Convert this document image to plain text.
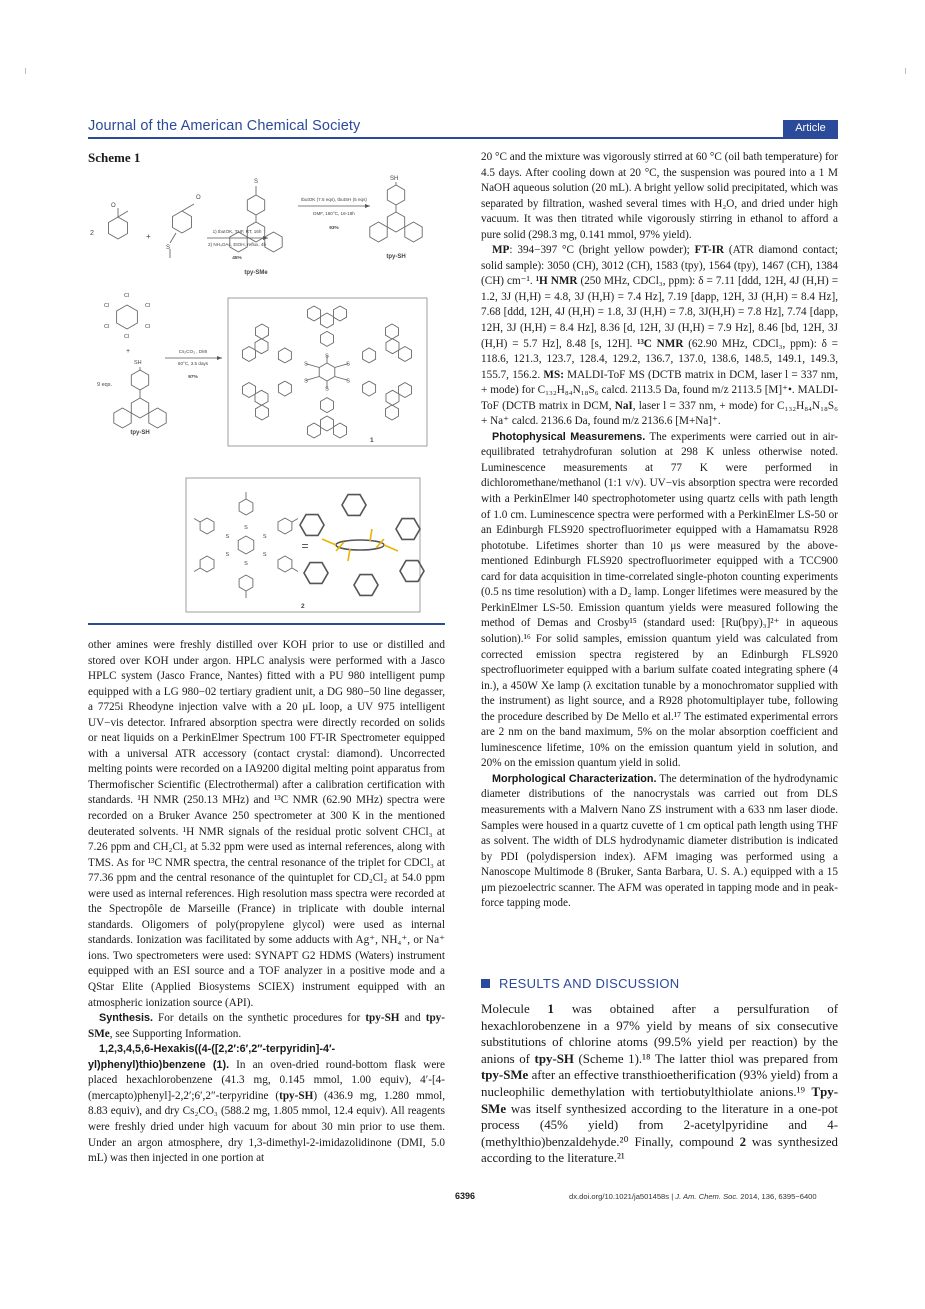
Journal of the American Chemical Society	Article
Scheme 1
2
O
O
+
S
1) tbutOK, THF, RT, 16h
2) NH₄OAc, EtOH, reflux, 4h
45%
S
tpy-SMe
tbutOK (7.5 eqs), tbutSH (5 eqs)
DMF, 160°C, 16-18h
93%
SH
tpy-SH
Cl
Cl	Cl
Cl	Cl
Cl
+
SH
9 eqs.
tpy-SH
Cs₂CO₃ , DMI
60°C, 3.5 days
97%
1
2
=
S
S
S
S
S
S
S
S
S
S
S
S

other amines were freshly distilled over KOH prior to use or distilled and stored over KOH under argon. HPLC analysis were performed with a Jasco HPLC system (Jasco France, Nantes) fitted with a PU 980 intelligent pump equipped with a LG 980−02 tertiary gradient unit, a DG 980−50 line degasser, a 7725i Rheodyne injection valve with a 20 μL loop, a UV 975 intelligent UV−vis detector. Infrared absorption spectra were directly recorded on solids or neat liquids on a PerkinElmer Spectrum 100 FT-IR Spectrometer equipped with a universal ATR accessory (contact crystal: diamond). Uncorrected melting points were recorded on a IA9200 digital melting point apparatus from Thermofischer Scientific (Electrothermal) after a calibration certification with standards. ¹H NMR (250.13 MHz) and ¹³C NMR (62.90 MHz) spectra were recorded on a Bruker Avance 250 spectrometer at 300 K in the mentioned deuterated solvents. ¹H NMR signals of the residual protic solvent CHCl₃ at 7.26 ppm and CH₂Cl₂ at 5.32 ppm were used as internal references, along with TMS. As for ¹³C NMR spectra, the central resonance of the triplet for CDCl₃ at 77.36 ppm and the central resonance of the quintuplet for CD₂Cl₂ at 54.0 ppm were used as internal references. High resolution mass spectra were recorded at the Spectropôle de Marseille (France) in triplicate with double internal standards. Oligomers of poly(propylene glycol) were used as internal standards. Ionization was facilitated by some adducts with Ag⁺, NH₄⁺, or Na⁺ ions. Two spectrometers were used: SYNAPT G2 HDMS (Waters) instrument equipped with an ESI source and a TOF analyzer in a positive mode and a QStar Elite (Applied Biosystems SCIEX) instrument equipped with an atmospheric ionization source (API).

Synthesis. For details on the synthetic procedures for tpy-SH and tpy-SMe, see Supporting Information.

1,2,3,4,5,6-Hexakis((4-([2,2′:6′,2″-terpyridin]-4′-yl)phenyl)thio)benzene (1). In an oven-dried round-bottom flask were placed hexachlorobenzene (41.3 mg, 0.145 mmol, 1.00 equiv), 4′-[4-(mercapto)phenyl]-2,2′;6′,2″-terpyridine (tpy-SH) (436.9 mg, 1.280 mmol, 8.83 equiv), and dry Cs₂CO₃ (588.2 mg, 1.805 mmol, 12.4 equiv). All reagents were freshly dried under high vacuum for about 30 min prior to use them. Under an argon atmosphere, dry 1,3-dimethyl-2-imidazolidinone (DMI, 5.0 mL) was then injected in one portion at

20 °C and the mixture was vigorously stirred at 60 °C (oil bath temperature) for 4.5 days. After cooling down at 20 °C, the suspension was poured into a 1 M NaOH aqueous solution (20 mL). A bright yellow solid precipitated, which was separated by filtration, washed several times with H₂O, and dried under high vacuum. It was then titrated while vigorously stirring in ethanol to afford a pure solid (298.3 mg, 0.141 mmol, 97% yield).

MP: 394−397 °C (bright yellow powder); FT-IR (ATR diamond contact; solid sample): 3050 (CH), 3012 (CH), 1583 (tpy), 1564 (tpy), 1467 (CH), 1384 (CH) cm⁻¹. ¹H NMR (250 MHz, CDCl₃, ppm): δ = 7.11 [ddd, 12H, 4J (H,H) = 1.2, 3J (H,H) = 4.8, 3J (H,H) = 7.4 Hz], 7.19 [dapp, 12H, 3J (H,H) = 8.4 Hz], 7.68 [ddd, 12H, 4J (H,H) = 1.8, 3J (H,H) = 7.8, 3J(H,H) = 7.8 Hz], 7.74 [dapp, 12H, 3J (H,H) = 8.4 Hz], 8.36 [d, 12H, 3J (H,H) = 7.9 Hz], 8.46 [bd, 12H, 3J (H,H) = 5.7 Hz], 8.48 [s, 12H]. ¹³C NMR (62.90 MHz, CDCl₃, ppm): δ = 118.6, 121.3, 123.7, 128.4, 129.2, 136.7, 137.0, 138.6, 148.5, 149.1, 149.3, 155.7, 156.2. MS: MALDI-ToF MS (DCTB matrix in DCM, laser l = 337 nm, + mode) for C₁₃₂H₈₄N₁₈S₆ calcd. 2113.5 Da, found m/z 2113.5 [M]⁺•. MALDI-ToF (DCTB matrix in DCM, NaI, laser l = 337 nm, + mode) for C₁₃₂H₈₄N₁₈S₆ + Na⁺ calcd. 2136.6 Da, found m/z 2136.6 [M+Na]⁺.

Photophysical Measuremens. The experiments were carried out in air-equilibrated tetrahydrofuran solution at 298 K unless otherwise noted. Luminescence measurements at 77 K were performed in dichloromethane/methanol (1:1 v/v). UV−vis absorption spectra were recorded with a PerkinElmer l40 spectrophotometer using quartz cells with path length of 1.0 cm. Luminescence spectra were performed with a PerkinElmer LS-50 or an Edinburgh FLS920 spectrofluorimeter equipped with a Hamamatsu R928 phototube. Lifetimes shorter than 10 μs were measured by the above-mentioned Edinburgh FLS920 spectrofluorimeter equipped with a TCC900 card for data acquisition in time-correlated single-photon counting experiments (0.5 ns time resolution) with a D₂ lamp. Longer lifetimes were measured by the PerkinElmer LS-50. Emission quantum yields were measured following the method of Demas and Crosby¹⁵ (standard used: [Ru(bpy)₃]²⁺ in aqueous solution).¹⁶ For solid samples, emission quantum yield was calculated from corrected emission spectra registered by an Edinburgh FLS920 spectrofluorimeter equipped with a barium sulfate coated integrating sphere (4 in.), a 450W Xe lamp (λ excitation tunable by a monochromator supplied with the instrument) as light source, and a R928 photomultiplayer tube, following the procedure described by De Mello et al.¹⁷ The estimated experimental errors are 2 nm on the band maximum, 5% on the molar absorption coefficient and luminescence lifetime, 10% on the emission quantum yield in solution, and 20% on the emission quantum yield in solid.

Morphological Characterization. The determination of the hydrodynamic diameter distributions of the nanocrystals was carried out from DLS measurements with a Malvern Nano ZS instrument with a 633 nm laser diode. Samples were housed in a quartz cuvette of 1 cm optical path length using THF as solvent. The width of DLS hydrodynamic diameter distribution is indicated by PDI (polydispersion index). AFM imaging was performed using a Nanoscope Multimode 8 (Bruker, Santa Barbara, U. S. A.) equipped with a 15 μm piezoelectric scanner. The AFM was operated in tapping mode and in peak-force tapping mode.

RESULTS AND DISCUSSION

Molecule 1 was obtained after a persulfuration of hexachlorobenzene in a 97% yield by means of six consecutive substitutions of chlorine atoms (99.5% yield per reaction) by the anions of tpy-SH (Scheme 1).¹⁸ The latter thiol was prepared from tpy-SMe after an effective transthioetherification (93% yield) from a nucleophilic demethylation with tertiobutylthiolate anions.¹⁹ Tpy-SMe was itself synthesized according to the literature in a one-pot process (45% yield) from 2-acetylpyridine and 4-(methylthio)benzaldehyde.²⁰ Finally, compound 2 was synthesized according to the literature.²¹

6396	dx.doi.org/10.1021/ja501458s | J. Am. Chem. Soc. 2014, 136, 6395−6400
